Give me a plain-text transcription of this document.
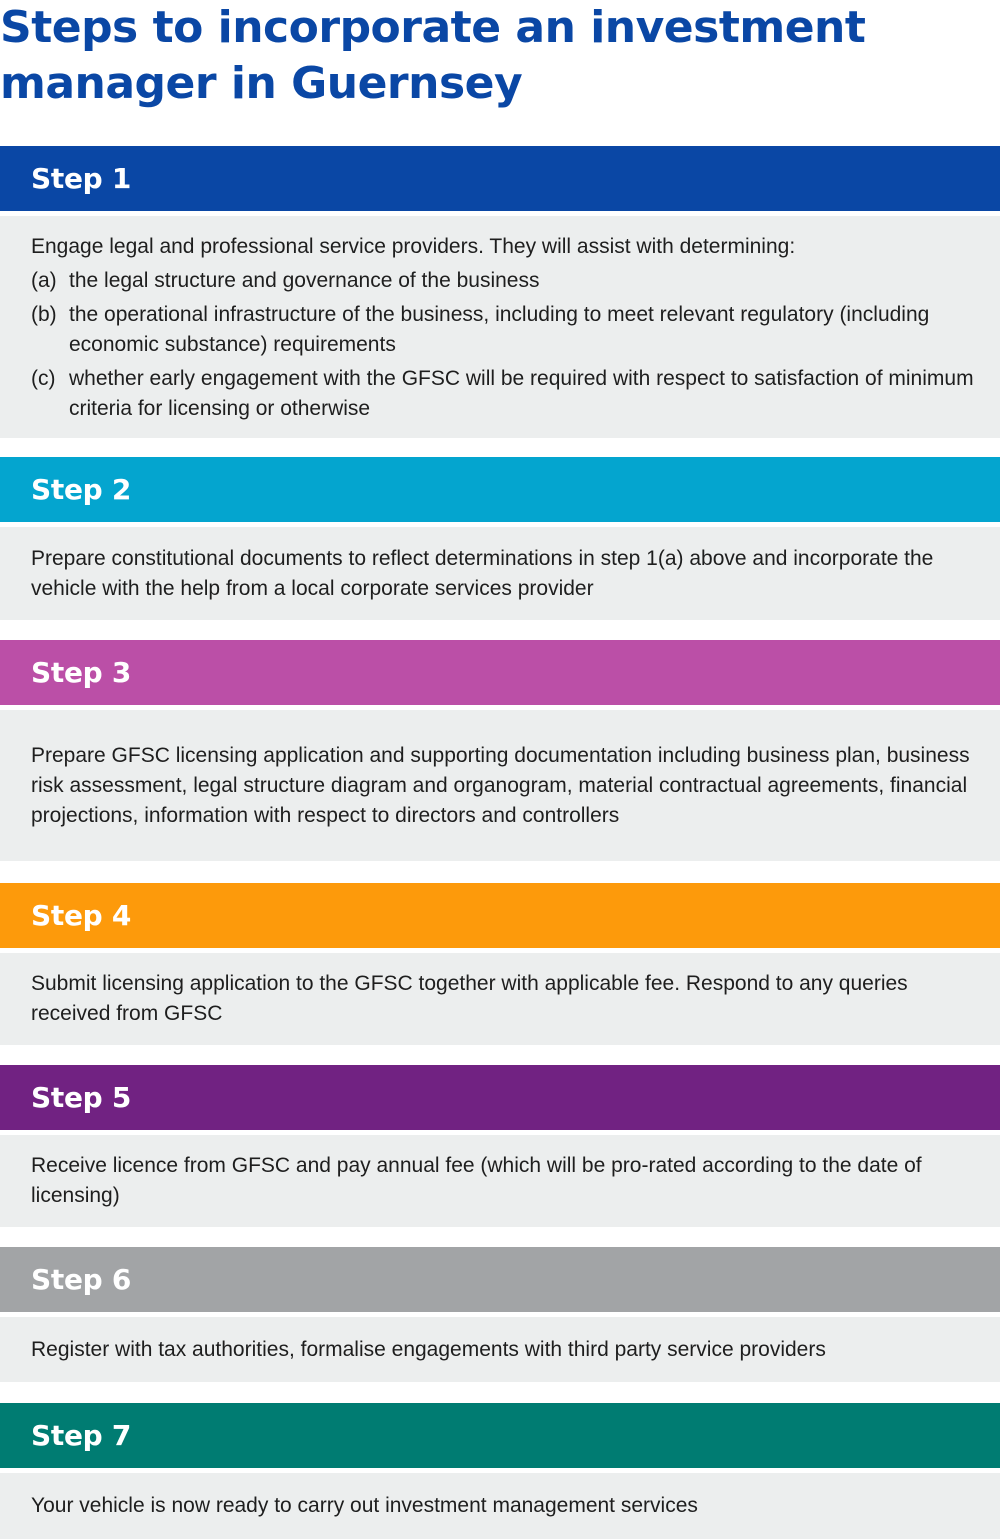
Steps to incorporate an investment
manager in Guernsey
Step 1

Engage legal and professional service providers. They will assist with determining:

(a) the legal structure and governance of the business
(b) the operational infrastructure of the business, including to meet relevant regulatory (including economic substance) requirements
(c) whether early engagement with the GFSC will be required with respect to satisfaction of minimum criteria for licensing or otherwise
Step 2

Prepare constitutional documents to reflect determinations in step 1(a) above and incorporate the vehicle with the help from a local corporate services provider

Step 3

Prepare GFSC licensing application and supporting documentation including business plan, business risk assessment, legal structure diagram and organogram, material contractual agreements, financial projections, information with respect to directors and controllers

Step 4

Submit licensing application to the GFSC together with applicable fee. Respond to any queries received from GFSC

Step 5

Receive licence from GFSC and pay annual fee (which will be pro-rated according to the date of licensing)

Step 6

Register with tax authorities, formalise engagements with third party service providers

Step 7

Your vehicle is now ready to carry out investment management services
